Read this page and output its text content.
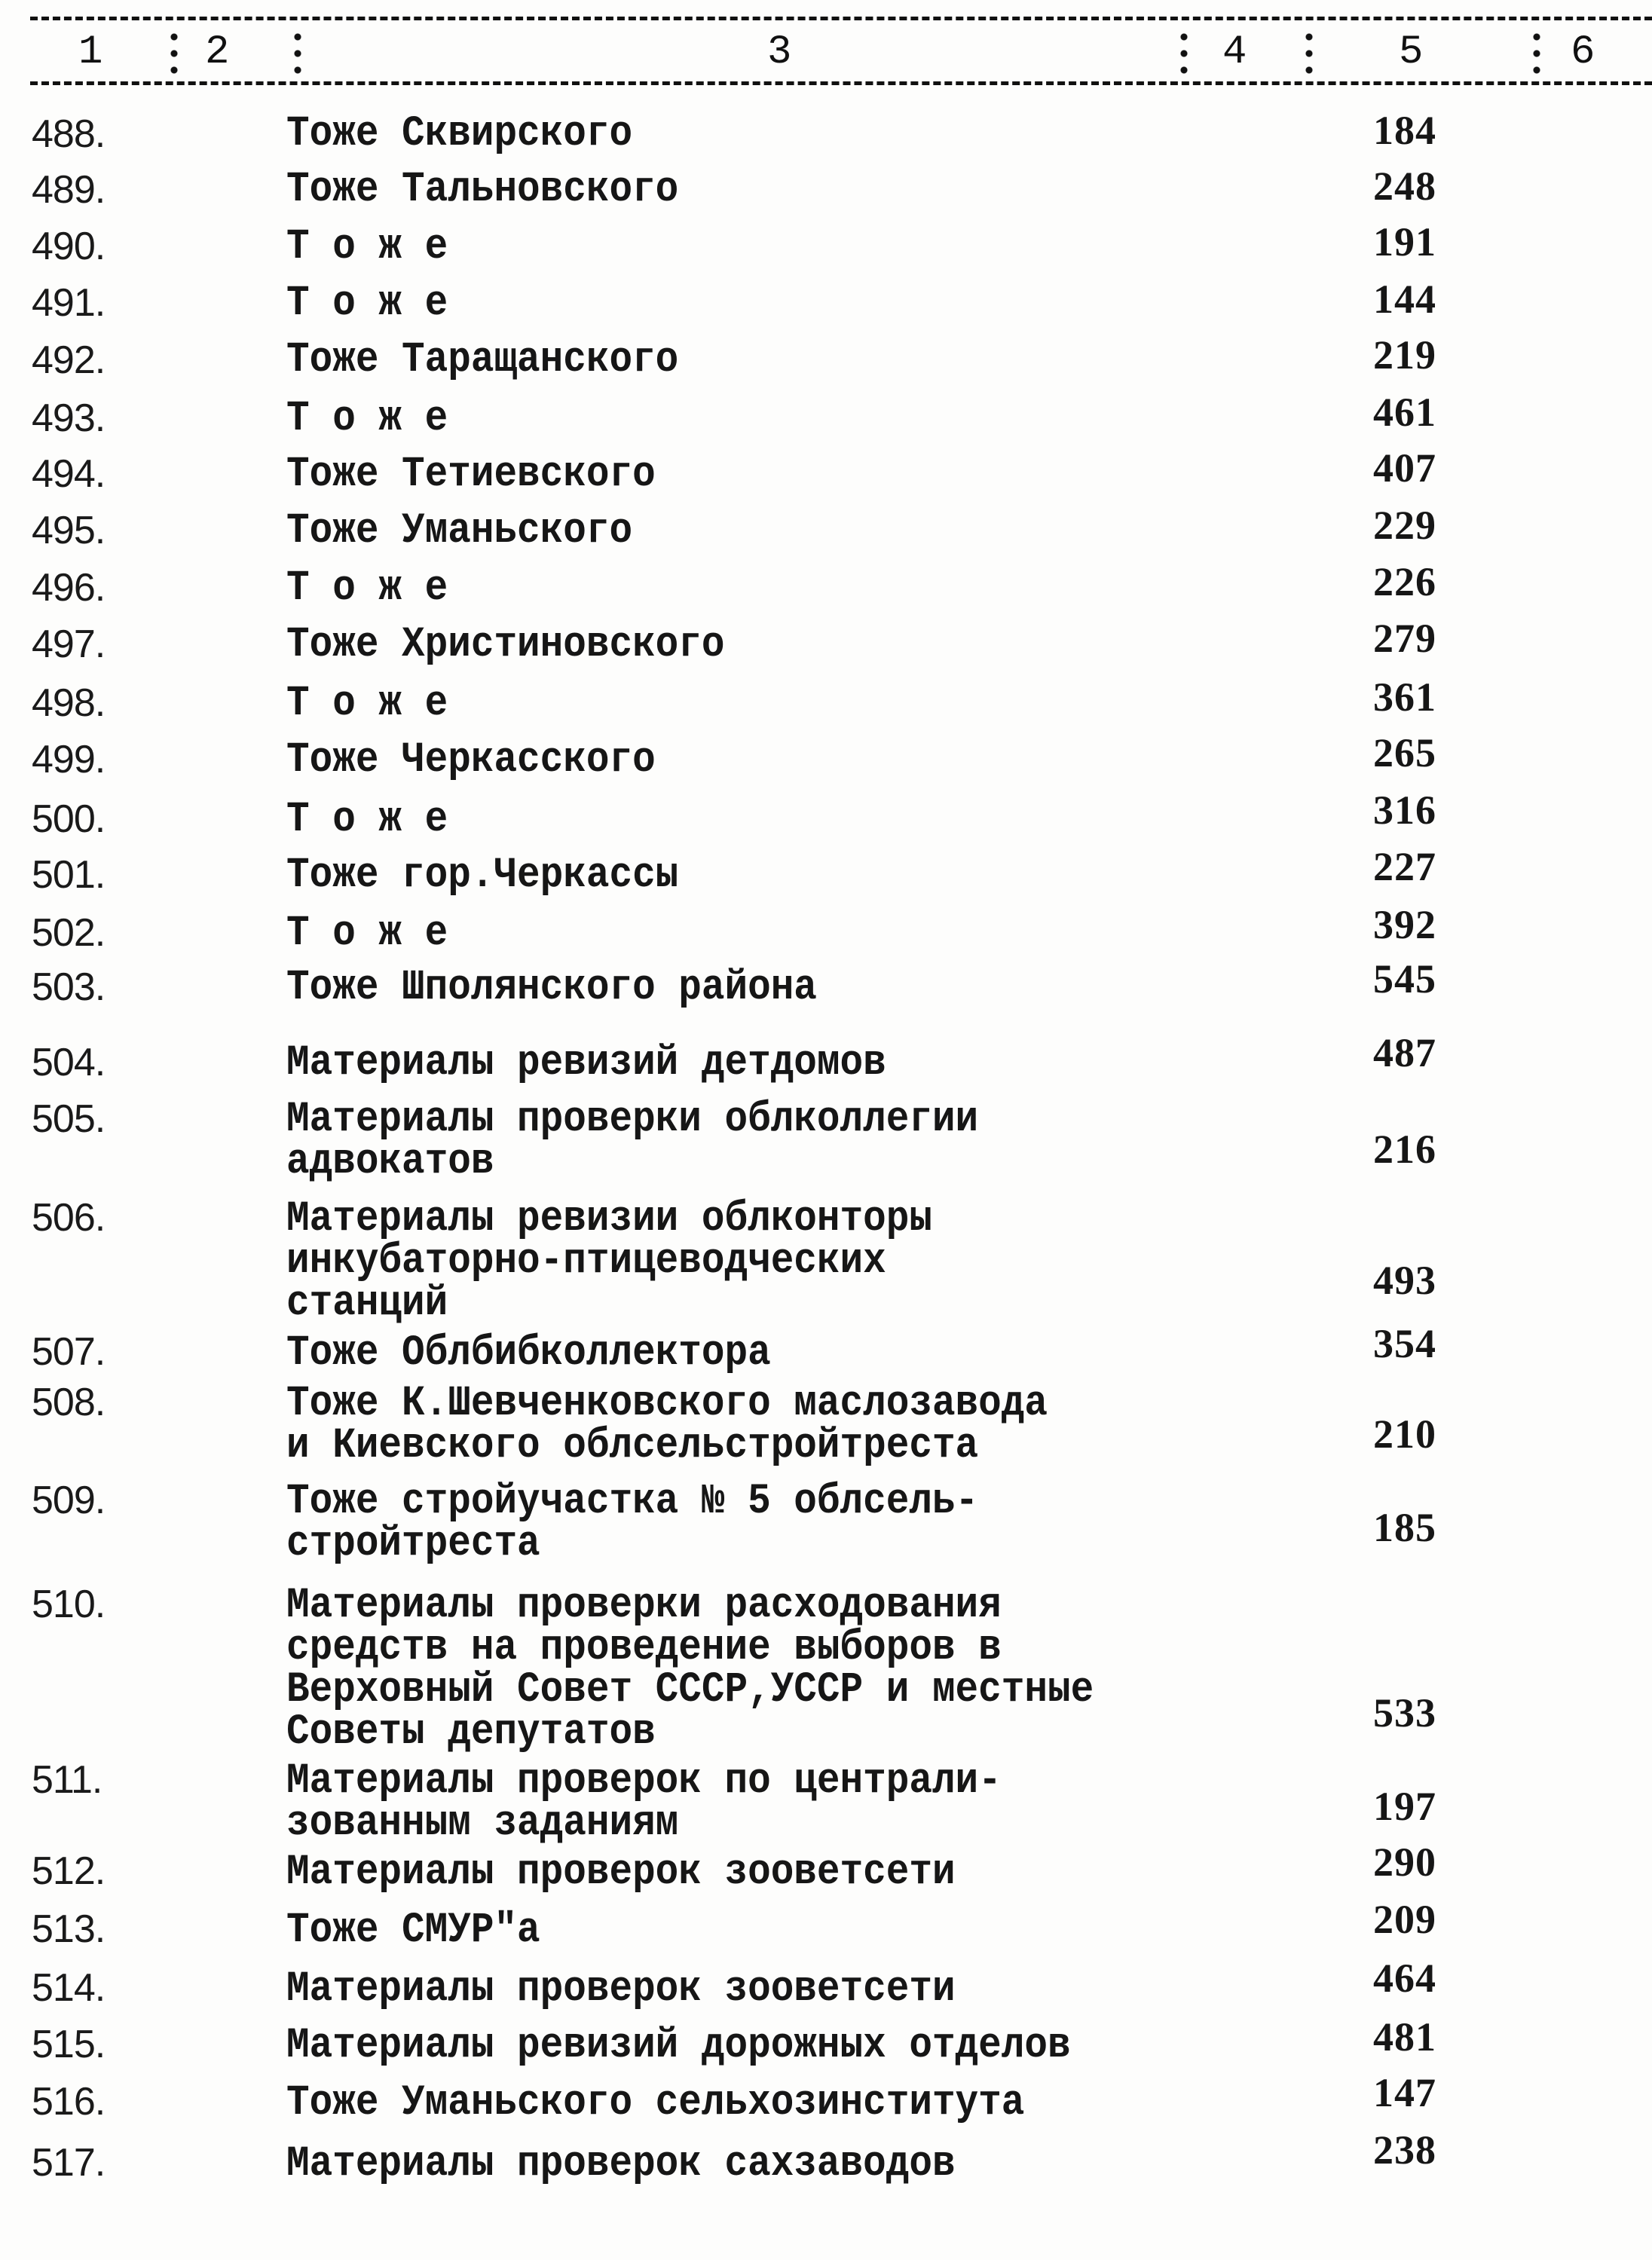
1	2	3	4	5	6
488.	Тоже Сквирского	184
489.	Тоже Тальновского	248
490.	Т о ж е	191
491.	Т о ж е	144
492.	Тоже Таращанского	219
493.	Т о ж е	461
494.	Тоже Тетиевского	407
495.	Тоже Уманьского	229
496.	Т о ж е	226
497.	Тоже Христиновского	279
498.	Т о ж е	361
499.	Тоже Черкасского	265
500.	Т о ж е	316
501.	Тоже гор.Черкассы	227
502.	Т о ж е	392
503.	Тоже Шполянского района	545
504.	Материалы ревизий детдомов	487
505.	Материалы проверки облколлегии
адвокатов	216
506.	Материалы ревизии облконторы
инкубаторно-птицеводческих
станций	493
507.	Тоже Облбибколлектора	354
508.	Тоже К.Шевченковского маслозавода
и Киевского облсельстройтреста	210
509.	Тоже стройучастка № 5 облсель-
стройтреста	185
510.	Материалы проверки расходования
средств на проведение выборов в
Верховный Совет СССР,УССР и местные
Советы депутатов	533
511.	Материалы проверок по централи-
зованным заданиям	197
512.	Материалы проверок зооветсети	290
513.	Тоже СМУР"а	209
514.	Материалы проверок зооветсети	464
515.	Материалы ревизий дорожных отделов	481
516.	Тоже Уманьского сельхозинститута	147
517.	Материалы проверок сахзаводов	238
